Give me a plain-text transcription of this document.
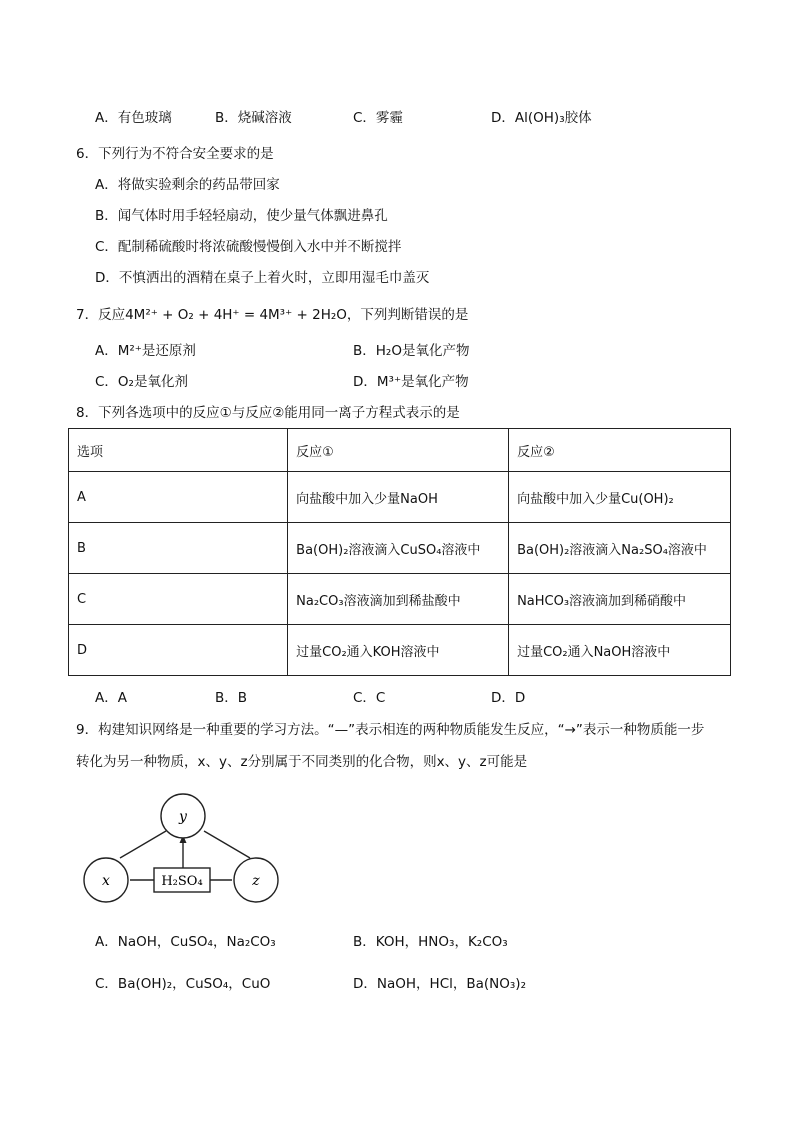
A．有色玻璃	B．烧碱溶液	C．雾霾	D．Al(OH)₃胶体
6．下列行为不符合安全要求的是
A．将做实验剩余的药品带回家
B．闻气体时用手轻轻扇动，使少量气体飘进鼻孔
C．配制稀硫酸时将浓硫酸慢慢倒入水中并不断搅拌
D．不慎洒出的酒精在桌子上着火时，立即用湿毛巾盖灭
7．反应4M²⁺ + O₂ + 4H⁺ = 4M³⁺ + 2H₂O，下列判断错误的是
A．M²⁺是还原剂	B．H₂O是氧化产物
C．O₂是氧化剂	D．M³⁺是氧化产物
8．下列各选项中的反应①与反应②能用同一离子方程式表示的是
选项	反应①	反应②
A	向盐酸中加入少量NaOH	向盐酸中加入少量Cu(OH)₂
B	Ba(OH)₂溶液滴入CuSO₄溶液中	Ba(OH)₂溶液滴入Na₂SO₄溶液中
C	Na₂CO₃溶液滴加到稀盐酸中	NaHCO₃溶液滴加到稀硝酸中
D	过量CO₂通入KOH溶液中	过量CO₂通入NaOH溶液中
A．A	B．B	C．C	D．D
9．构建知识网络是一种重要的学习方法。“—”表示相连的两种物质能发生反应，“→”表示一种物质能一步
转化为另一种物质，x、y、z分别属于不同类别的化合物，则x、y、z可能是
y
x	z
H₂SO₄
A．NaOH，CuSO₄，Na₂CO₃	B．KOH，HNO₃，K₂CO₃
C．Ba(OH)₂，CuSO₄，CuO	D．NaOH，HCl，Ba(NO₃)₂
